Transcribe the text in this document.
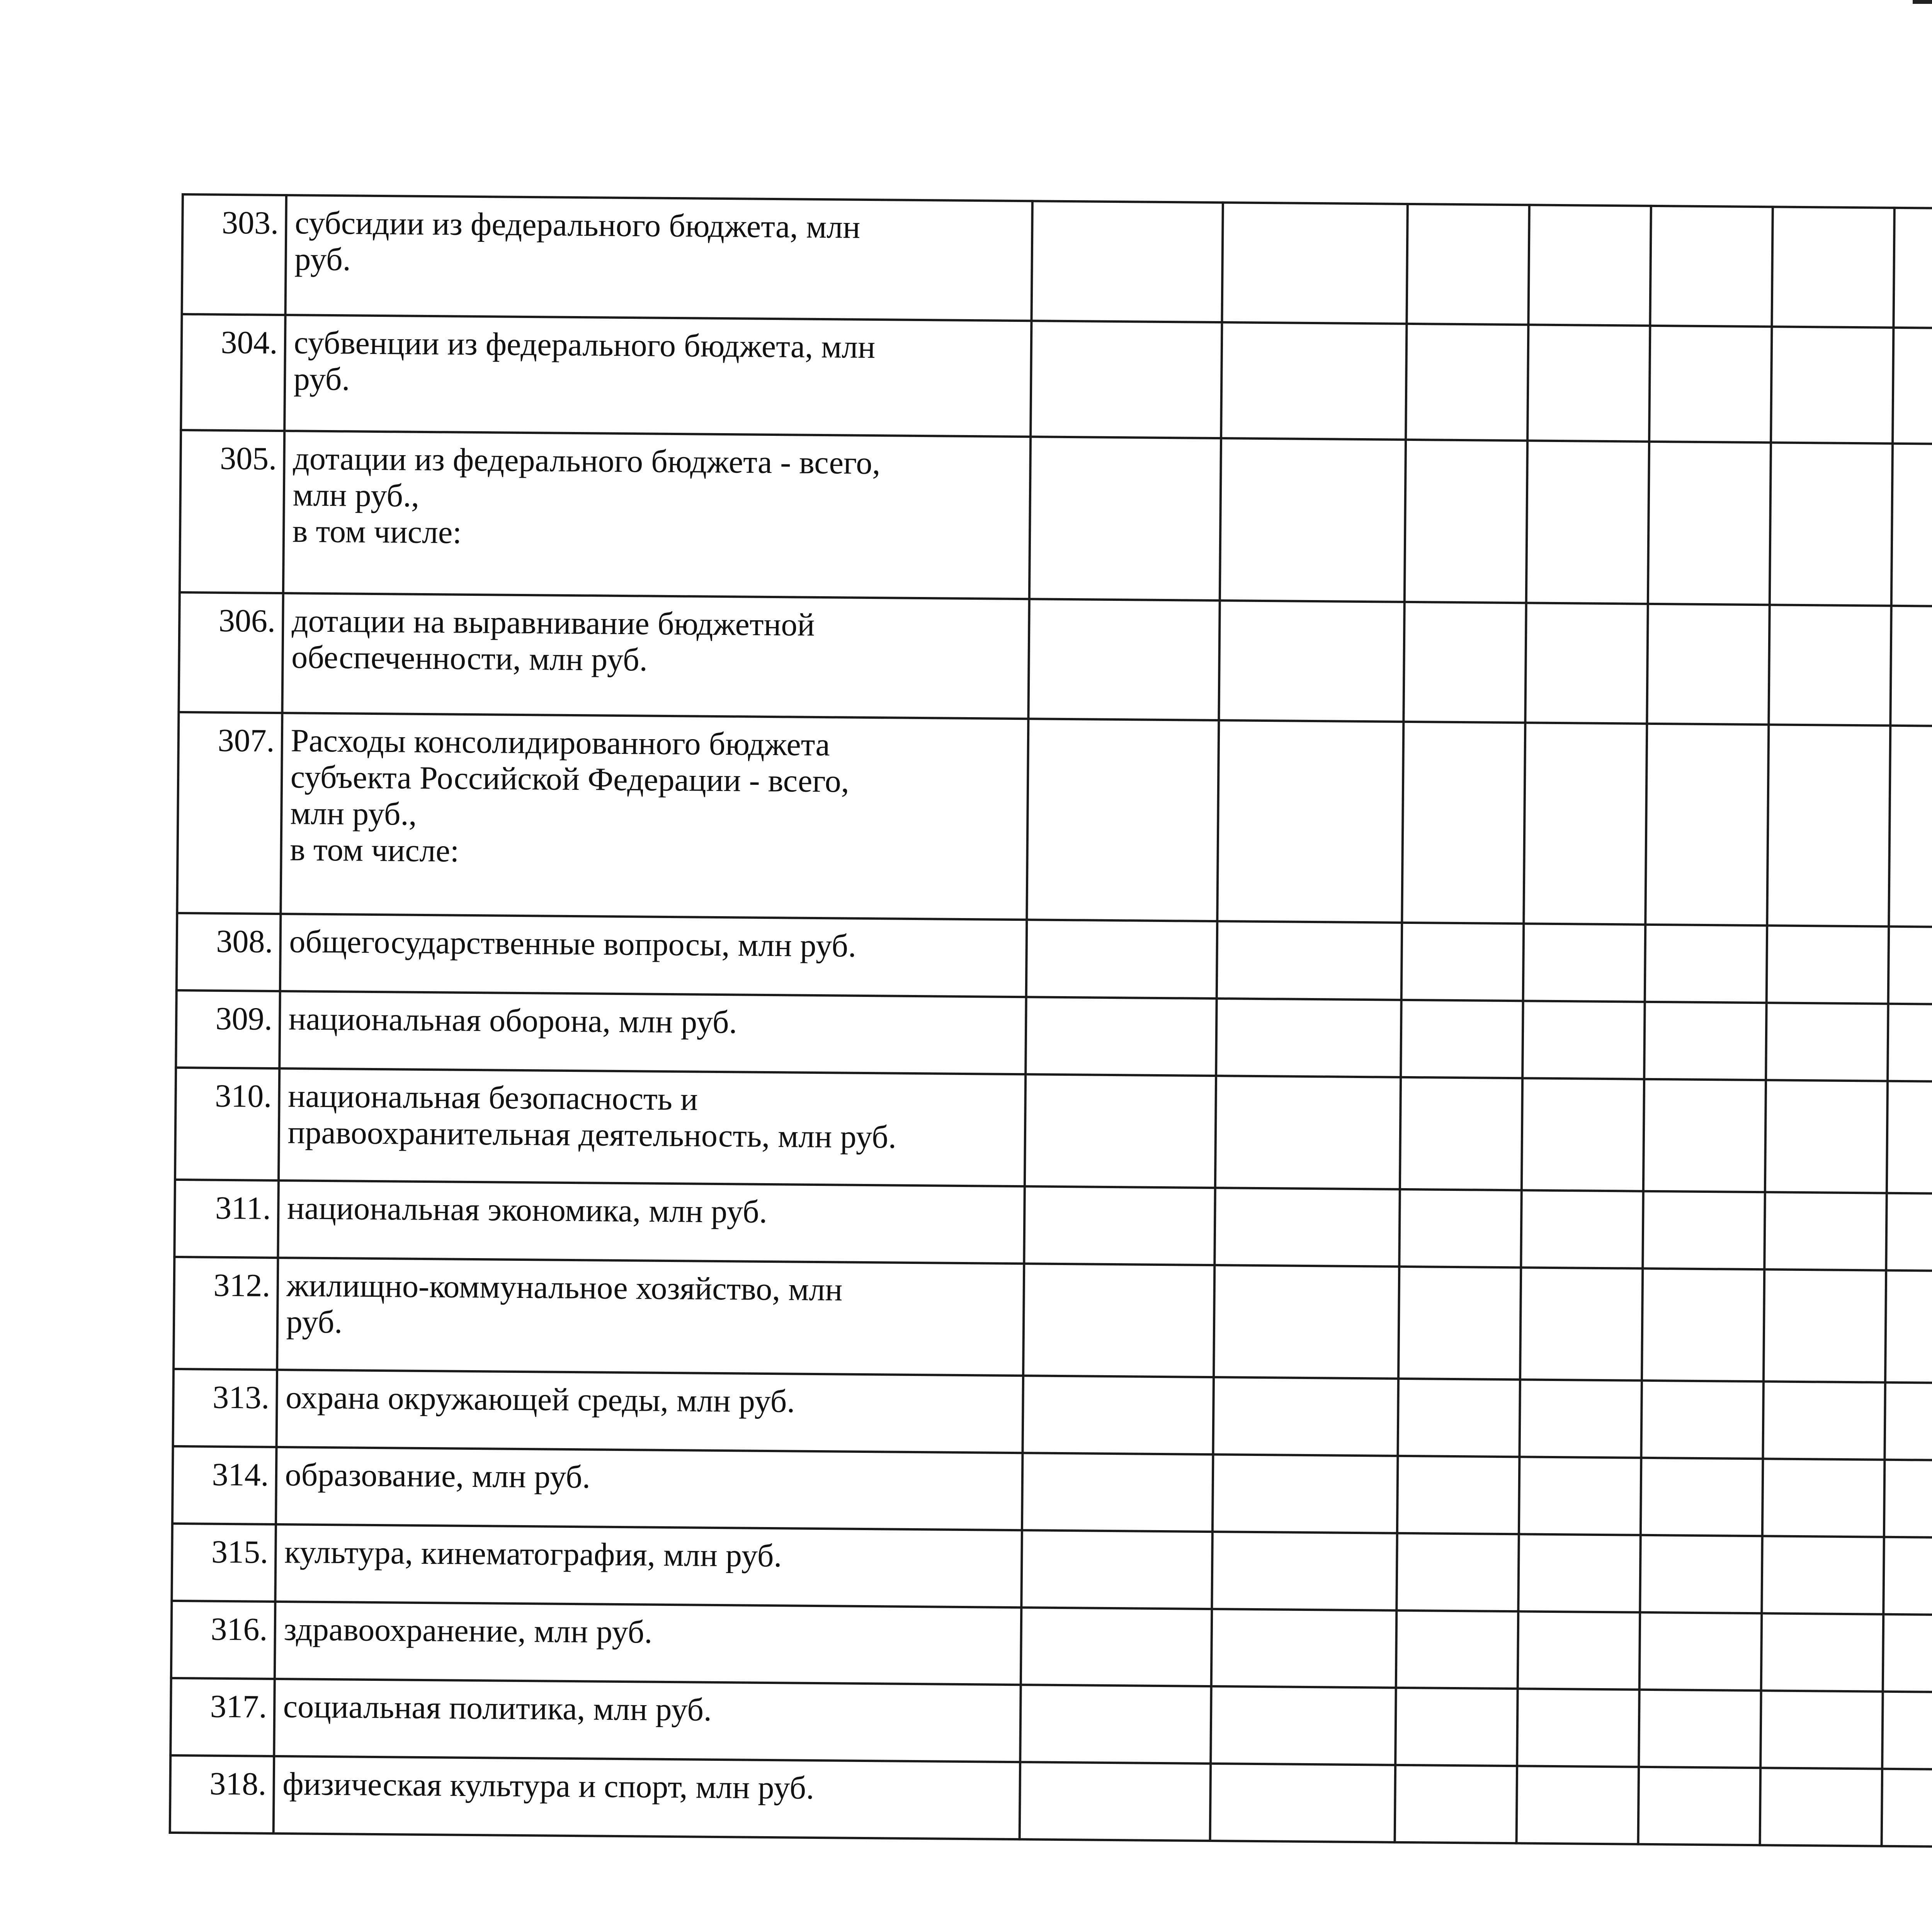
303.	субсидии из федерального бюджета, млн
руб.													

304.	субвенции из федерального бюджета, млн
руб.													

305.	дотации из федерального бюджета - всего,
млн руб.,
в том числе:													

306.	дотации на выравнивание бюджетной
обеспеченности, млн руб.													

307.	Расходы консолидированного бюджета
субъекта Российской Федерации - всего,
млн руб.,
в том числе:													

308.	общегосударственные вопросы, млн руб.													

309.	национальная оборона, млн руб.													

310.	национальная безопасность и
правоохранительная деятельность, млн руб.													

311.	национальная экономика, млн руб.													

312.	жилищно-коммунальное хозяйство, млн
руб.													

313.	охрана окружающей среды, млн руб.													

314.	образование, млн руб.													

315.	культура, кинематография, млн руб.													

316.	здравоохранение, млн руб.													

317.	социальная политика, млн руб.													

318.	физическая культура и спорт, млн руб.													
